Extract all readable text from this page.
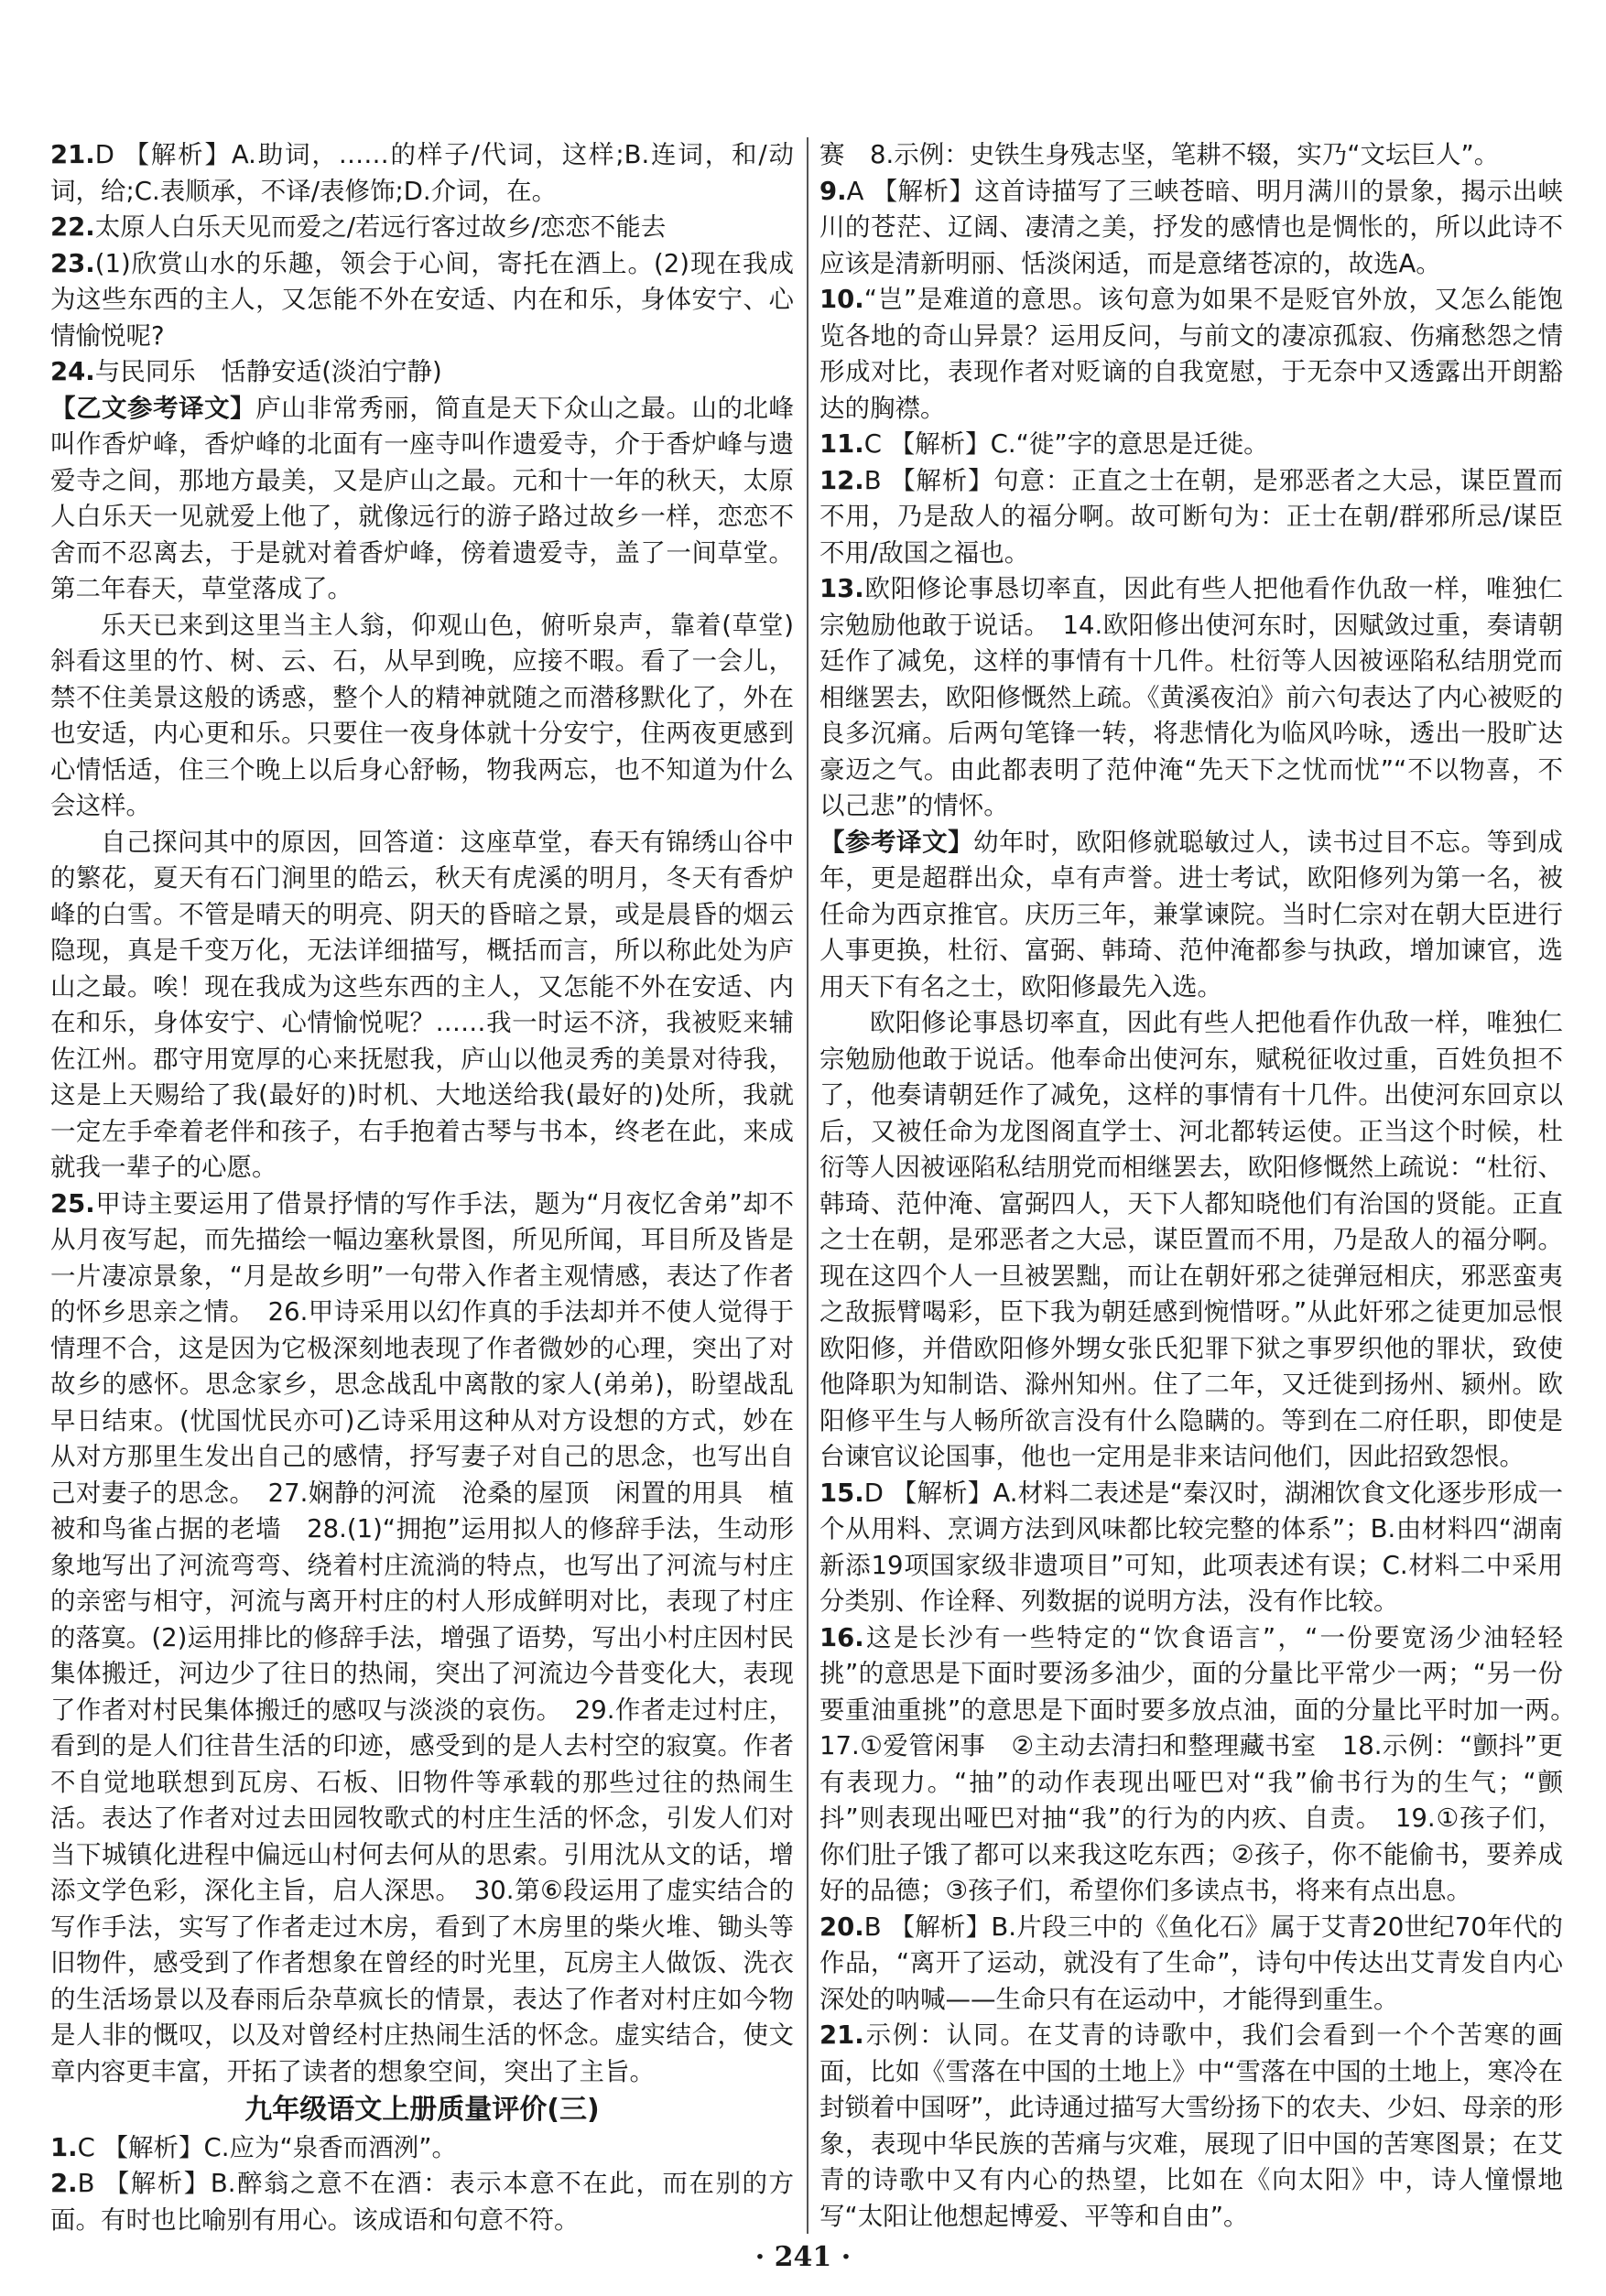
21.D 【解析】A.助词，……的样子/代词，这样;B.连词，和/动词，给;C.表顺承，不译/表修饰;D.介词，在。

22.太原人白乐天见而爱之/若远行客过故乡/恋恋不能去

23.(1)欣赏山水的乐趣，领会于心间，寄托在酒上。(2)现在我成为这些东西的主人，又怎能不外在安适、内在和乐，身体安宁、心情愉悦呢?

24.与民同乐　恬静安适(淡泊宁静)

【乙文参考译文】庐山非常秀丽，简直是天下众山之最。山的北峰叫作香炉峰，香炉峰的北面有一座寺叫作遗爱寺，介于香炉峰与遗爱寺之间，那地方最美，又是庐山之最。元和十一年的秋天，太原人白乐天一见就爱上他了，就像远行的游子路过故乡一样，恋恋不舍而不忍离去，于是就对着香炉峰，傍着遗爱寺，盖了一间草堂。第二年春天，草堂落成了。

乐天已来到这里当主人翁，仰观山色，俯听泉声，靠着(草堂)斜看这里的竹、树、云、石，从早到晚，应接不暇。看了一会儿，禁不住美景这般的诱惑，整个人的精神就随之而潜移默化了，外在也安适，内心更和乐。只要住一夜身体就十分安宁，住两夜更感到心情恬适，住三个晚上以后身心舒畅，物我两忘，也不知道为什么会这样。

自己探问其中的原因，回答道：这座草堂，春天有锦绣山谷中的繁花，夏天有石门涧里的皓云，秋天有虎溪的明月，冬天有香炉峰的白雪。不管是晴天的明亮、阴天的昏暗之景，或是晨昏的烟云隐现，真是千变万化，无法详细描写，概括而言，所以称此处为庐山之最。唉！现在我成为这些东西的主人，又怎能不外在安适、内在和乐，身体安宁、心情愉悦呢？……我一时运不济，我被贬来辅佐江州。郡守用宽厚的心来抚慰我，庐山以他灵秀的美景对待我，这是上天赐给了我(最好的)时机、大地送给我(最好的)处所，我就一定左手牵着老伴和孩子，右手抱着古琴与书本，终老在此，来成就我一辈子的心愿。

25.甲诗主要运用了借景抒情的写作手法，题为“月夜忆舍弟”却不从月夜写起，而先描绘一幅边塞秋景图，所见所闻，耳目所及皆是一片凄凉景象，“月是故乡明”一句带入作者主观情感，表达了作者的怀乡思亲之情。　26.甲诗采用以幻作真的手法却并不使人觉得于情理不合，这是因为它极深刻地表现了作者微妙的心理，突出了对故乡的感怀。思念家乡，思念战乱中离散的家人(弟弟)，盼望战乱早日结束。(忧国忧民亦可)乙诗采用这种从对方设想的方式，妙在从对方那里生发出自己的感情，抒写妻子对自己的思念，也写出自己对妻子的思念。　27.娴静的河流　沧桑的屋顶　闲置的用具　植被和鸟雀占据的老墙　28.(1)“拥抱”运用拟人的修辞手法，生动形象地写出了河流弯弯、绕着村庄流淌的特点，也写出了河流与村庄的亲密与相守，河流与离开村庄的村人形成鲜明对比，表现了村庄的落寞。(2)运用排比的修辞手法，增强了语势，写出小村庄因村民集体搬迁，河边少了往日的热闹，突出了河流边今昔变化大，表现了作者对村民集体搬迁的感叹与淡淡的哀伤。　29.作者走过村庄，看到的是人们往昔生活的印迹，感受到的是人去村空的寂寞。作者不自觉地联想到瓦房、石板、旧物件等承载的那些过往的热闹生活。表达了作者对过去田园牧歌式的村庄生活的怀念，引发人们对当下城镇化进程中偏远山村何去何从的思索。引用沈从文的话，增添文学色彩，深化主旨，启人深思。　30.第⑥段运用了虚实结合的写作手法，实写了作者走过木房，看到了木房里的柴火堆、锄头等旧物件，感受到了作者想象在曾经的时光里，瓦房主人做饭、洗衣的生活场景以及春雨后杂草疯长的情景，表达了作者对村庄如今物是人非的慨叹，以及对曾经村庄热闹生活的怀念。虚实结合，使文章内容更丰富，开拓了读者的想象空间，突出了主旨。

九年级语文上册质量评价(三)

1.C 【解析】C.应为“泉香而酒洌”。

2.B 【解析】B.醉翁之意不在酒：表示本意不在此，而在别的方面。有时也比喻别有用心。该成语和句意不符。

赛　8.示例：史铁生身残志坚，笔耕不辍，实乃“文坛巨人”。

9.A 【解析】这首诗描写了三峡苍暗、明月满川的景象，揭示出峡川的苍茫、辽阔、凄清之美，抒发的感情也是惆怅的，所以此诗不应该是清新明丽、恬淡闲适，而是意绪苍凉的，故选A。

10.“岂”是难道的意思。该句意为如果不是贬官外放，又怎么能饱览各地的奇山异景？运用反问，与前文的凄凉孤寂、伤痛愁怨之情形成对比，表现作者对贬谪的自我宽慰，于无奈中又透露出开朗豁达的胸襟。

11.C 【解析】C.“徙”字的意思是迁徙。

12.B 【解析】句意：正直之士在朝，是邪恶者之大忌，谋臣置而不用，乃是敌人的福分啊。故可断句为：正士在朝/群邪所忌/谋臣不用/敌国之福也。

13.欧阳修论事恳切率直，因此有些人把他看作仇敌一样，唯独仁宗勉励他敢于说话。　14.欧阳修出使河东时，因赋敛过重，奏请朝廷作了减免，这样的事情有十几件。杜衍等人因被诬陷私结朋党而相继罢去，欧阳修慨然上疏。《黄溪夜泊》前六句表达了内心被贬的良多沉痛。后两句笔锋一转，将悲情化为临风吟咏，透出一股旷达豪迈之气。由此都表明了范仲淹“先天下之忧而忧”“不以物喜，不以己悲”的情怀。

【参考译文】幼年时，欧阳修就聪敏过人，读书过目不忘。等到成年，更是超群出众，卓有声誉。进士考试，欧阳修列为第一名，被任命为西京推官。庆历三年，兼掌谏院。当时仁宗对在朝大臣进行人事更换，杜衍、富弼、韩琦、范仲淹都参与执政，增加谏官，选用天下有名之士，欧阳修最先入选。

欧阳修论事恳切率直，因此有些人把他看作仇敌一样，唯独仁宗勉励他敢于说话。他奉命出使河东，赋税征收过重，百姓负担不了，他奏请朝廷作了减免，这样的事情有十几件。出使河东回京以后，又被任命为龙图阁直学士、河北都转运使。正当这个时候，杜衍等人因被诬陷私结朋党而相继罢去，欧阳修慨然上疏说：“杜衍、韩琦、范仲淹、富弼四人，天下人都知晓他们有治国的贤能。正直之士在朝，是邪恶者之大忌，谋臣置而不用，乃是敌人的福分啊。现在这四个人一旦被罢黜，而让在朝奸邪之徒弹冠相庆，邪恶蛮夷之敌振臂喝彩，臣下我为朝廷感到惋惜呀。”从此奸邪之徒更加忌恨欧阳修，并借欧阳修外甥女张氏犯罪下狱之事罗织他的罪状，致使他降职为知制诰、滁州知州。住了二年，又迁徙到扬州、颍州。欧阳修平生与人畅所欲言没有什么隐瞒的。等到在二府任职，即使是台谏官议论国事，他也一定用是非来诘问他们，因此招致怨恨。

15.D 【解析】A.材料二表述是“秦汉时，湖湘饮食文化逐步形成一个从用料、烹调方法到风味都比较完整的体系”；B.由材料四“湖南新添19项国家级非遗项目”可知，此项表述有误；C.材料二中采用分类别、作诠释、列数据的说明方法，没有作比较。

16.这是长沙有一些特定的“饮食语言”，“一份要宽汤少油轻轻挑”的意思是下面时要汤多油少，面的分量比平常少一两；“另一份要重油重挑”的意思是下面时要多放点油，面的分量比平时加一两。　17.①爱管闲事　②主动去清扫和整理藏书室　18.示例：“颤抖”更有表现力。“抽”的动作表现出哑巴对“我”偷书行为的生气；“颤抖”则表现出哑巴对抽“我”的行为的内疚、自责。　19.①孩子们，你们肚子饿了都可以来我这吃东西；②孩子，你不能偷书，要养成好的品德；③孩子们，希望你们多读点书，将来有点出息。

20.B 【解析】B.片段三中的《鱼化石》属于艾青20世纪70年代的作品，“离开了运动，就没有了生命”，诗句中传达出艾青发自内心深处的呐喊——生命只有在运动中，才能得到重生。

21.示例：认同。在艾青的诗歌中，我们会看到一个个苦寒的画面，比如《雪落在中国的土地上》中“雪落在中国的土地上，寒冷在封锁着中国呀”，此诗通过描写大雪纷扬下的农夫、少妇、母亲的形象，表现中华民族的苦痛与灾难，展现了旧中国的苦寒图景；在艾青的诗歌中又有内心的热望，比如在《向太阳》中，诗人憧憬地写“太阳让他想起博爱、平等和自由”。

· 241 ·
